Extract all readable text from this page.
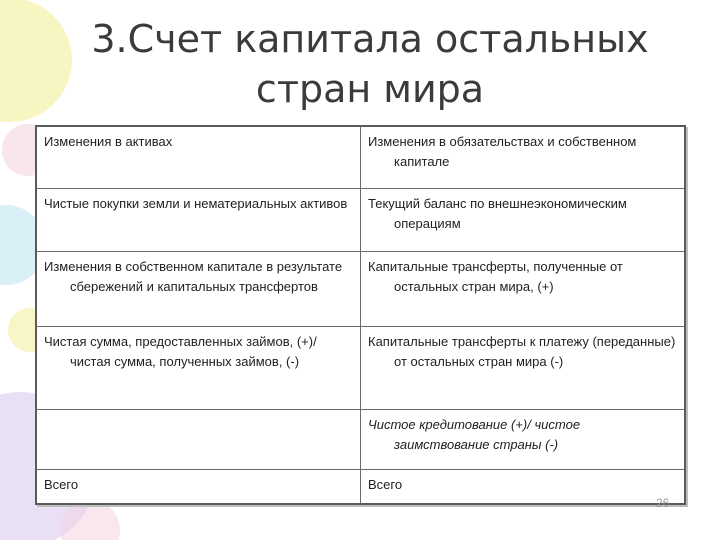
3.Счет капитала остальных
стран мира
Изменения в активах	Изменения в обязательствах и собственном капитале

Чистые покупки земли и нематериальных активов	Текущий баланс по внешнеэкономическим операциям

Изменения в собственном капитале в результате сбережений и капитальных трансфертов	Капитальные трансферты, полученные от остальных стран мира, (+)

Чистая сумма, предоставленных займов, (+)/ чистая сумма, полученных займов, (-)	Капитальные трансферты к платежу (переданные) от остальных стран мира (-)

	Чистое кредитование (+)/ чистое заимствование страны (-)

Всего	Всего
26
